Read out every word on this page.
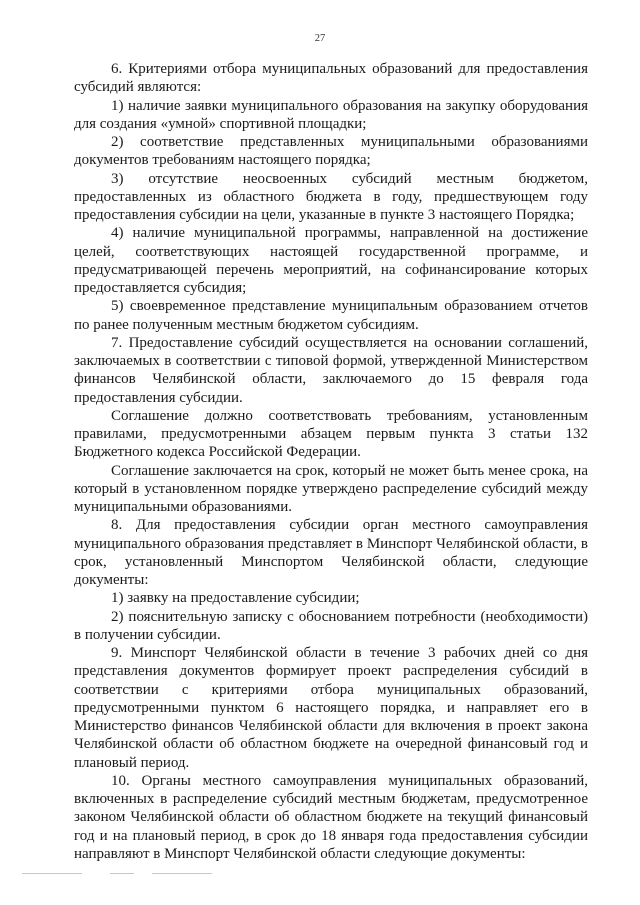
27

6. Критериями отбора муниципальных образований для предоставления субсидий являются:

1) наличие заявки муниципального образования на закупку оборудования для создания «умной» спортивной площадки;

2) соответствие представленных муниципальными образованиями документов требованиям настоящего порядка;

3) отсутствие неосвоенных субсидий местным бюджетом, предоставленных из областного бюджета в году, предшествующем году предоставления субсидии на цели, указанные в пункте 3 настоящего Порядка;

4) наличие муниципальной программы, направленной на достижение целей, соответствующих настоящей государственной программе, и предусматривающей перечень мероприятий, на софинансирование которых предоставляется субсидия;

5) своевременное представление муниципальным образованием отчетов по ранее полученным местным бюджетом субсидиям.

7. Предоставление субсидий осуществляется на основании соглашений, заключаемых в соответствии с типовой формой, утвержденной Министерством финансов Челябинской области, заключаемого до 15 февраля года предоставления субсидии.

Соглашение должно соответствовать требованиям, установленным правилами, предусмотренными абзацем первым пункта 3 статьи 132 Бюджетного кодекса Российской Федерации.

Соглашение заключается на срок, который не может быть менее срока, на который в установленном порядке утверждено распределение субсидий между муниципальными образованиями.

8. Для предоставления субсидии орган местного самоуправления муниципального образования представляет в Минспорт Челябинской области, в срок, установленный Минспортом Челябинской области, следующие документы:

1) заявку на предоставление субсидии;

2) пояснительную записку с обоснованием потребности (необходимости) в получении субсидии.

9. Минспорт Челябинской области в течение 3 рабочих дней со дня представления документов формирует проект распределения субсидий в соответствии с критериями отбора муниципальных образований, предусмотренными пунктом 6 настоящего порядка, и направляет его в Министерство финансов Челябинской области для включения в проект закона Челябинской области об областном бюджете на очередной финансовый год и плановый период.

10. Органы местного самоуправления муниципальных образований, включенных в распределение субсидий местным бюджетам, предусмотренное законом Челябинской области об областном бюджете на текущий финансовый год и на плановый период, в срок до 18 января года предоставления субсидии направляют в Минспорт Челябинской области следующие документы:
